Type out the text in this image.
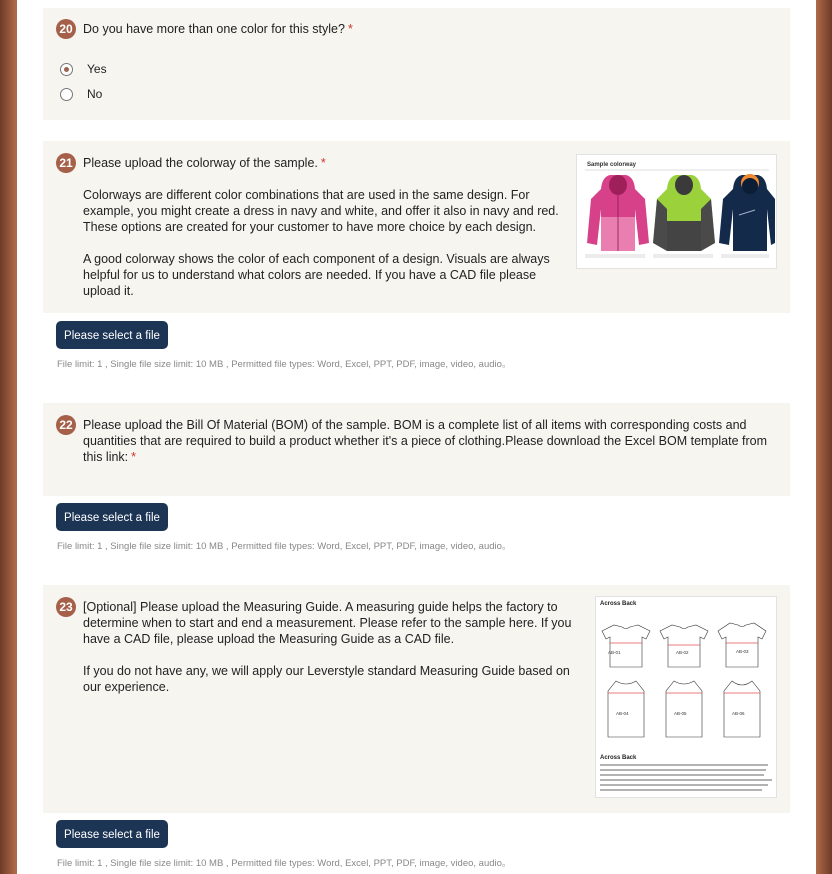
20 Do you have more than one color for this style? *
Yes
No
21 Please upload the colorway of the sample. *

Colorways are different color combinations that are used in the same design. For example, you might create a dress in navy and white, and offer it also in navy and red. These options are created for your customer to have more choice by each design.

A good colorway shows the color of each component of a design. Visuals are always helpful for us to understand what colors are needed. If you have a CAD file please upload it.

Sample colorway
Please select a file
File limit: 1 , Single file size limit: 10 MB , Permitted file types: Word, Excel, PPT, PDF, image, video, audio。
22 Please upload the Bill Of Material (BOM) of the sample. BOM is a complete list of all items with corresponding costs and quantities that are required to build a product whether it's a piece of clothing.Please download the Excel BOM template from this link: *
Please select a file
File limit: 1 , Single file size limit: 10 MB , Permitted file types: Word, Excel, PPT, PDF, image, video, audio。
23 [Optional] Please upload the Measuring Guide. A measuring guide helps the factory to determine when to start and end a measurement. Please refer to the sample here. If you have a CAD file, please upload the Measuring Guide as a CAD file.
If you do not have any, we will apply our Leverstyle standard Measuring Guide based on our experience.
Across Back
AB-01	AB-02	AB-03
AB-04	AB-05	AB-06
Across Back
Please select a file
File limit: 1 , Single file size limit: 10 MB , Permitted file types: Word, Excel, PPT, PDF, image, video, audio。
